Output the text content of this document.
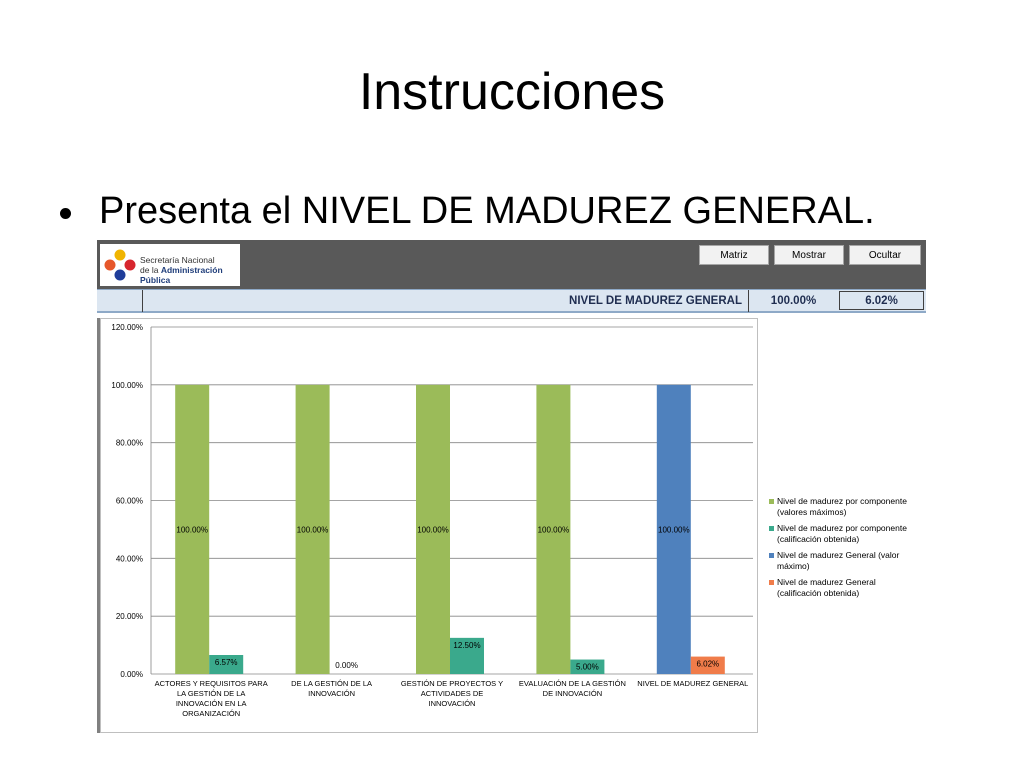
Instrucciones
Presenta el NIVEL DE MADUREZ GENERAL.
Secretaría Nacional
de la Administración Pública
Matriz	Mostrar	Ocultar
NIVEL DE MADUREZ GENERAL	100.00%	6.02%
0.00%
20.00%
40.00%
60.00%
80.00%
100.00%
120.00%
100.00%
6.57%
ACTORES Y REQUISITOS PARA
LA GESTIÓN DE LA
INNOVACIÓN EN LA
ORGANIZACIÓN
100.00%
0.00%
DE LA GESTIÓN DE LA
INNOVACIÓN
100.00%
12.50%
GESTIÓN DE PROYECTOS Y
ACTIVIDADES DE
INNOVACIÓN
100.00%
5.00%
EVALUACIÓN DE LA GESTIÓN
DE INNOVACIÓN
100.00%
6.02%
NIVEL DE MADUREZ GENERAL
Nivel de madurez por componente
(valores máximos)
Nivel de madurez por componente
(calificación obtenida)
Nivel de madurez General (valor
máximo)
Nivel de madurez General
(calificación obtenida)
